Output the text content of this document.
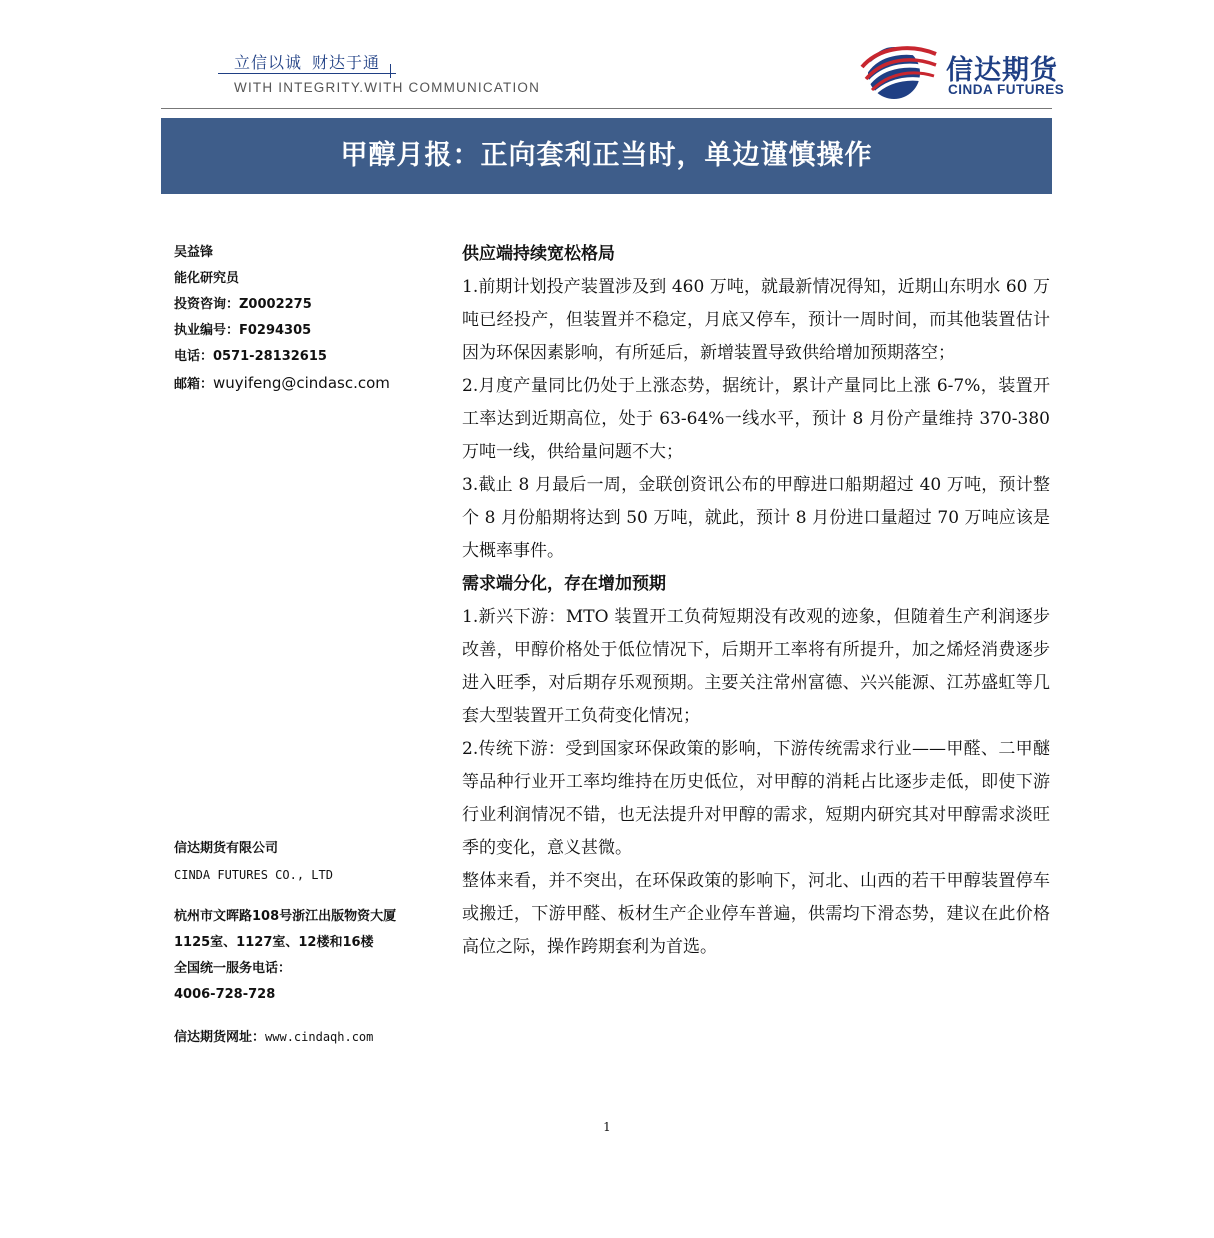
立信以诚 财达于通
WITH INTEGRITY.WITH COMMUNICATION
信达期货
CINDA FUTURES
甲醇月报：正向套利正当时，单边谨慎操作
吴益锋
能化研究员
投资咨询：Z0002275
执业编号：F0294305
电话：0571-28132615
邮箱：wuyifeng@cindasc.com
信达期货有限公司
CINDA FUTURES CO., LTD
杭州市文晖路108号浙江出版物资大厦
1125室、1127室、12楼和16楼
全国统一服务电话：
4006-728-728
信达期货网址：www.cindaqh.com
供应端持续宽松格局

1.前期计划投产装置涉及到 460 万吨，就最新情况得知，近期山东明水 60 万吨已经投产，但装置并不稳定，月底又停车，预计一周时间，而其他装置估计因为环保因素影响，有所延后，新增装置导致供给增加预期落空；

2.月度产量同比仍处于上涨态势，据统计，累计产量同比上涨 6-7%，装置开工率达到近期高位，处于 63-64%一线水平，预计 8 月份产量维持 370-380 万吨一线，供给量问题不大；

3.截止 8 月最后一周，金联创资讯公布的甲醇进口船期超过 40 万吨，预计整个 8 月份船期将达到 50 万吨，就此，预计 8 月份进口量超过 70 万吨应该是大概率事件。

需求端分化，存在增加预期

1.新兴下游：MTO 装置开工负荷短期没有改观的迹象，但随着生产利润逐步改善，甲醇价格处于低位情况下，后期开工率将有所提升，加之烯烃消费逐步进入旺季，对后期存乐观预期。主要关注常州富德、兴兴能源、江苏盛虹等几套大型装置开工负荷变化情况；

2.传统下游：受到国家环保政策的影响，下游传统需求行业——甲醛、二甲醚等品种行业开工率均维持在历史低位，对甲醇的消耗占比逐步走低，即使下游行业利润情况不错，也无法提升对甲醇的需求，短期内研究其对甲醇需求淡旺季的变化，意义甚微。

整体来看，并不突出，在环保政策的影响下，河北、山西的若干甲醇装置停车或搬迁，下游甲醛、板材生产企业停车普遍，供需均下滑态势，建议在此价格高位之际，操作跨期套利为首选。

1
